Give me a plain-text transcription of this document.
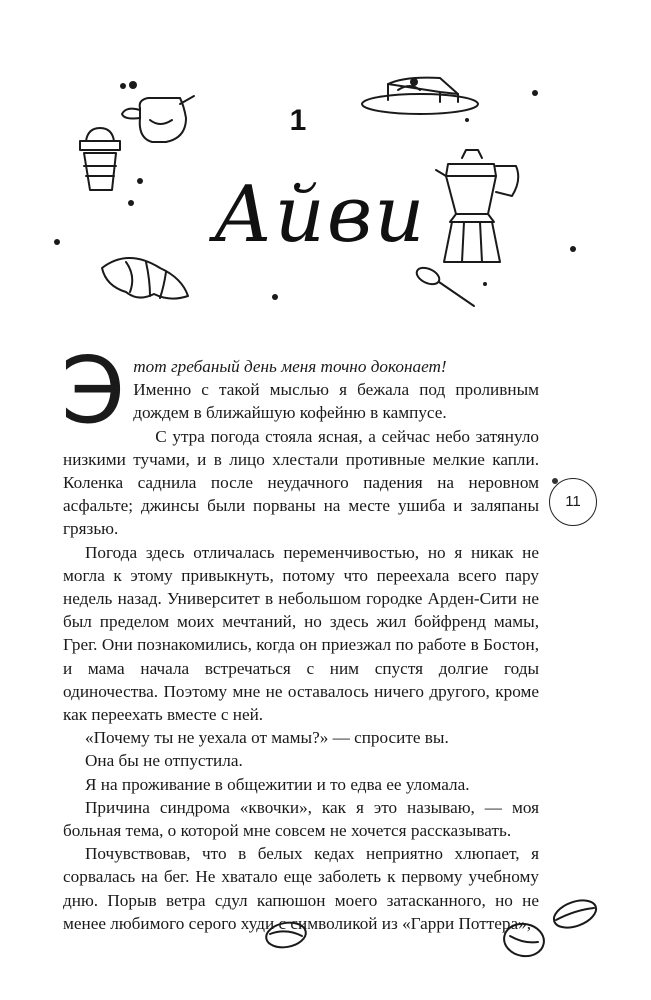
1
Айви

Этот гребаный день меня точно доконает!
Именно с такой мыслью я бежала под проливным дождем в ближайшую кофейню в кампусе.

С утра погода стояла ясная, а сейчас небо затянуло низкими тучами, и в лицо хлестали противные мелкие капли. Коленка саднила после неудачного падения на неровном асфальте; джинсы были порваны на месте ушиба и заляпаны грязью.

Погода здесь отличалась переменчивостью, но я никак не могла к этому привыкнуть, потому что переехала всего пару недель назад. Университет в небольшом городке Арден-Сити не был пределом моих мечтаний, но здесь жил бойфренд мамы, Грег. Они познакомились, когда он приезжал по работе в Бостон, и мама начала встречаться с ним спустя долгие годы одиночества. Поэтому мне не оставалось ничего другого, кроме как переехать вместе с ней.

«Почему ты не уехала от мамы?» — спросите вы.

Она бы не отпустила.

Я на проживание в общежитии и то едва ее уломала.

Причина синдрома «квочки», как я это называю, — моя больная тема, о которой мне совсем не хочется рассказывать.

Почувствовав, что в белых кедах неприятно хлюпает, я сорвалась на бег. Не хватало еще заболеть к первому учебному дню. Порыв ветра сдул капюшон моего затасканного, но не менее любимого серого худи с символикой из «Гарри Поттера»,

11
